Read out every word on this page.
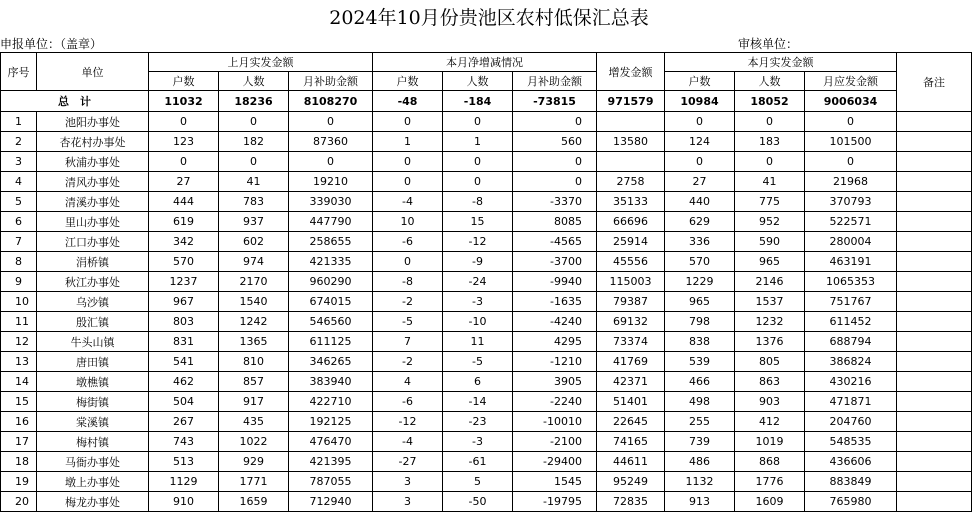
2024年10月份贵池区农村低保汇总表
申报单位：（盖章）	审核单位：
序号	单位	上月实发金额			本月净增减情况			增发金额	本月实发金额			备注
		户数	人数	月补助金额	户数	人数	月补助金额		户数	人数	月应发金额	
总　计		11032	18236	8108270	-48	-184	-73815	971579	10984	18052	9006034	
1	池阳办事处	0	0	0	0	0	0		0	0	0	
2	杏花村办事处	123	182	87360	1	1	560	13580	124	183	101500	
3	秋浦办事处	0	0	0	0	0	0		0	0	0	
4	清风办事处	27	41	19210	0	0	0	2758	27	41	21968	
5	清溪办事处	444	783	339030	-4	-8	-3370	35133	440	775	370793	
6	里山办事处	619	937	447790	10	15	8085	66696	629	952	522571	
7	江口办事处	342	602	258655	-6	-12	-4565	25914	336	590	280004	
8	涓桥镇	570	974	421335	0	-9	-3700	45556	570	965	463191	
9	秋江办事处	1237	2170	960290	-8	-24	-9940	115003	1229	2146	1065353	
10	乌沙镇	967	1540	674015	-2	-3	-1635	79387	965	1537	751767	
11	殷汇镇	803	1242	546560	-5	-10	-4240	69132	798	1232	611452	
12	牛头山镇	831	1365	611125	7	11	4295	73374	838	1376	688794	
13	唐田镇	541	810	346265	-2	-5	-1210	41769	539	805	386824	
14	墩樵镇	462	857	383940	4	6	3905	42371	466	863	430216	
15	梅街镇	504	917	422710	-6	-14	-2240	51401	498	903	471871	
16	棠溪镇	267	435	192125	-12	-23	-10010	22645	255	412	204760	
17	梅村镇	743	1022	476470	-4	-3	-2100	74165	739	1019	548535	
18	马衙办事处	513	929	421395	-27	-61	-29400	44611	486	868	436606	
19	墩上办事处	1129	1771	787055	3	5	1545	95249	1132	1776	883849	
20	梅龙办事处	910	1659	712940	3	-50	-19795	72835	913	1609	765980	
